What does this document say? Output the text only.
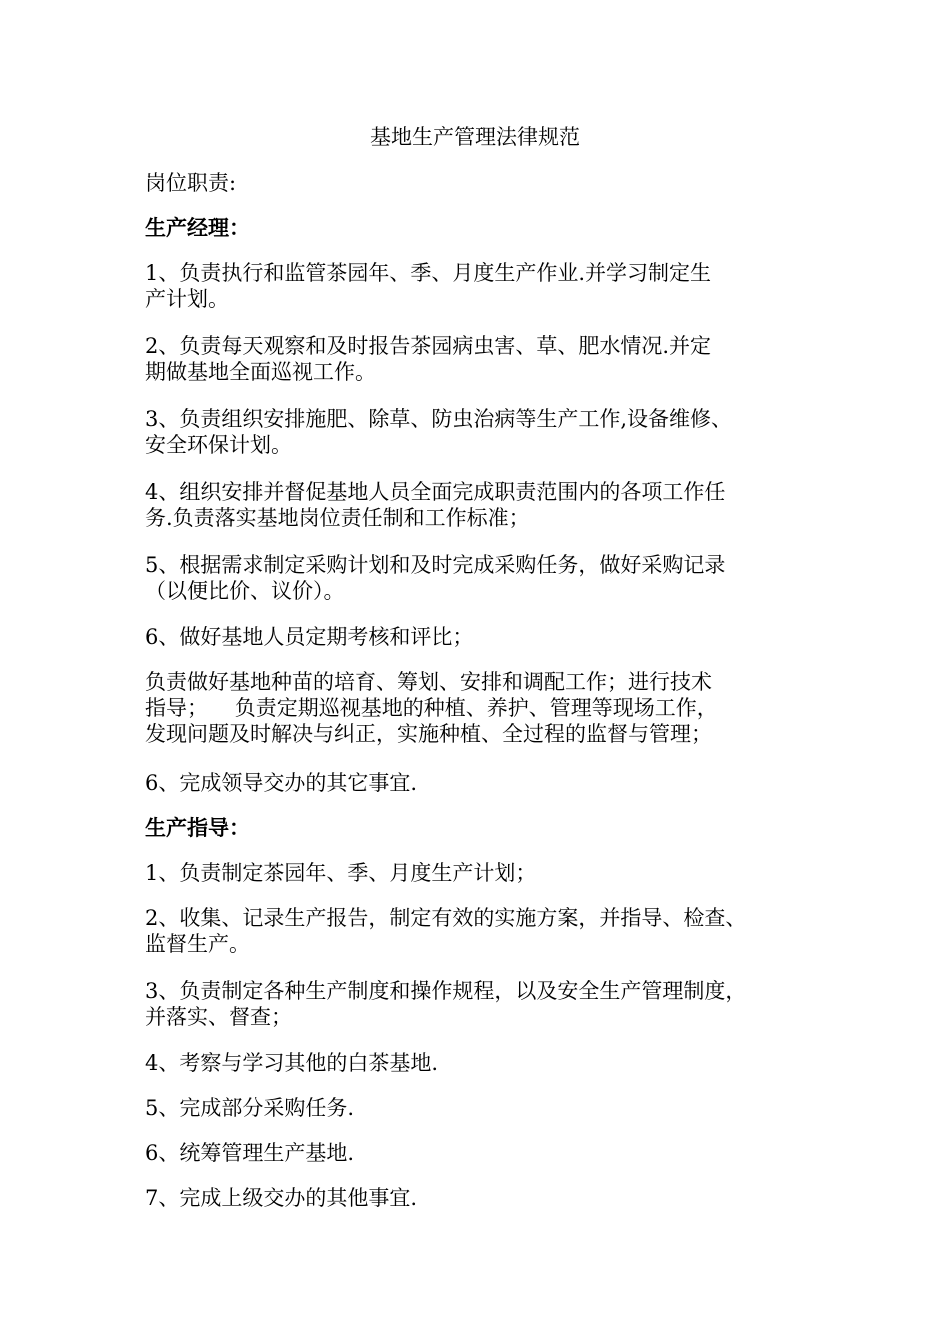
基地生产管理法律规范
岗位职责:
生产经理：
1、负责执行和监管茶园年、季、月度生产作业.并学习制定生
产计划。
2、负责每天观察和及时报告茶园病虫害、草、肥水情况.并定
期做基地全面巡视工作。
3、负责组织安排施肥、除草、防虫治病等生产工作,设备维修、
安全环保计划。
4、组织安排并督促基地人员全面完成职责范围内的各项工作任
务.负责落实基地岗位责任制和工作标准；
5、根据需求制定采购计划和及时完成采购任务，做好采购记录
（以便比价、议价）。
6、做好基地人员定期考核和评比；
负责做好基地种苗的培育、筹划、安排和调配工作；进行技术
指导；    负责定期巡视基地的种植、养护、管理等现场工作，
发现问题及时解决与纠正，实施种植、全过程的监督与管理；
6、完成领导交办的其它事宜.
生产指导：
1、负责制定茶园年、季、月度生产计划；
2、收集、记录生产报告，制定有效的实施方案，并指导、检查、
监督生产。
3、负责制定各种生产制度和操作规程，以及安全生产管理制度，
并落实、督查；
4、考察与学习其他的白茶基地.
5、完成部分采购任务.
6、统筹管理生产基地.
7、完成上级交办的其他事宜.
